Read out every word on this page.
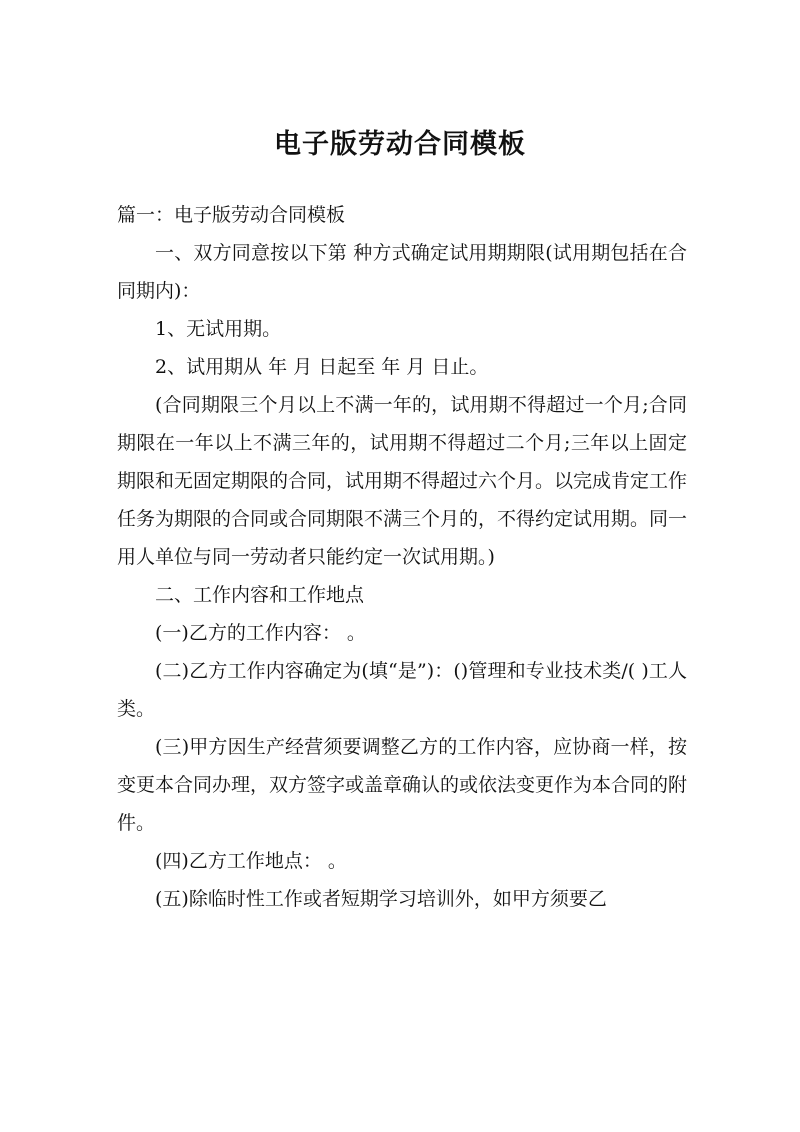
电子版劳动合同模板

篇一：电子版劳动合同模板

一、双方同意按以下第 种方式确定试用期期限(试用期包括在合同期内)：

1、无试用期。

2、试用期从 年 月 日起至 年 月 日止。

(合同期限三个月以上不满一年的，试用期不得超过一个月;合同期限在一年以上不满三年的，试用期不得超过二个月;三年以上固定期限和无固定期限的合同，试用期不得超过六个月。以完成肯定工作任务为期限的合同或合同期限不满三个月的，不得约定试用期。同一用人单位与同一劳动者只能约定一次试用期。)

二、工作内容和工作地点

(一)乙方的工作内容： 。

(二)乙方工作内容确定为(填“是”)：()管理和专业技术类/( )工人类。

(三)甲方因生产经营须要调整乙方的工作内容，应协商一样，按变更本合同办理，双方签字或盖章确认的或依法变更作为本合同的附件。

(四)乙方工作地点： 。

(五)除临时性工作或者短期学习培训外，如甲方须要乙
